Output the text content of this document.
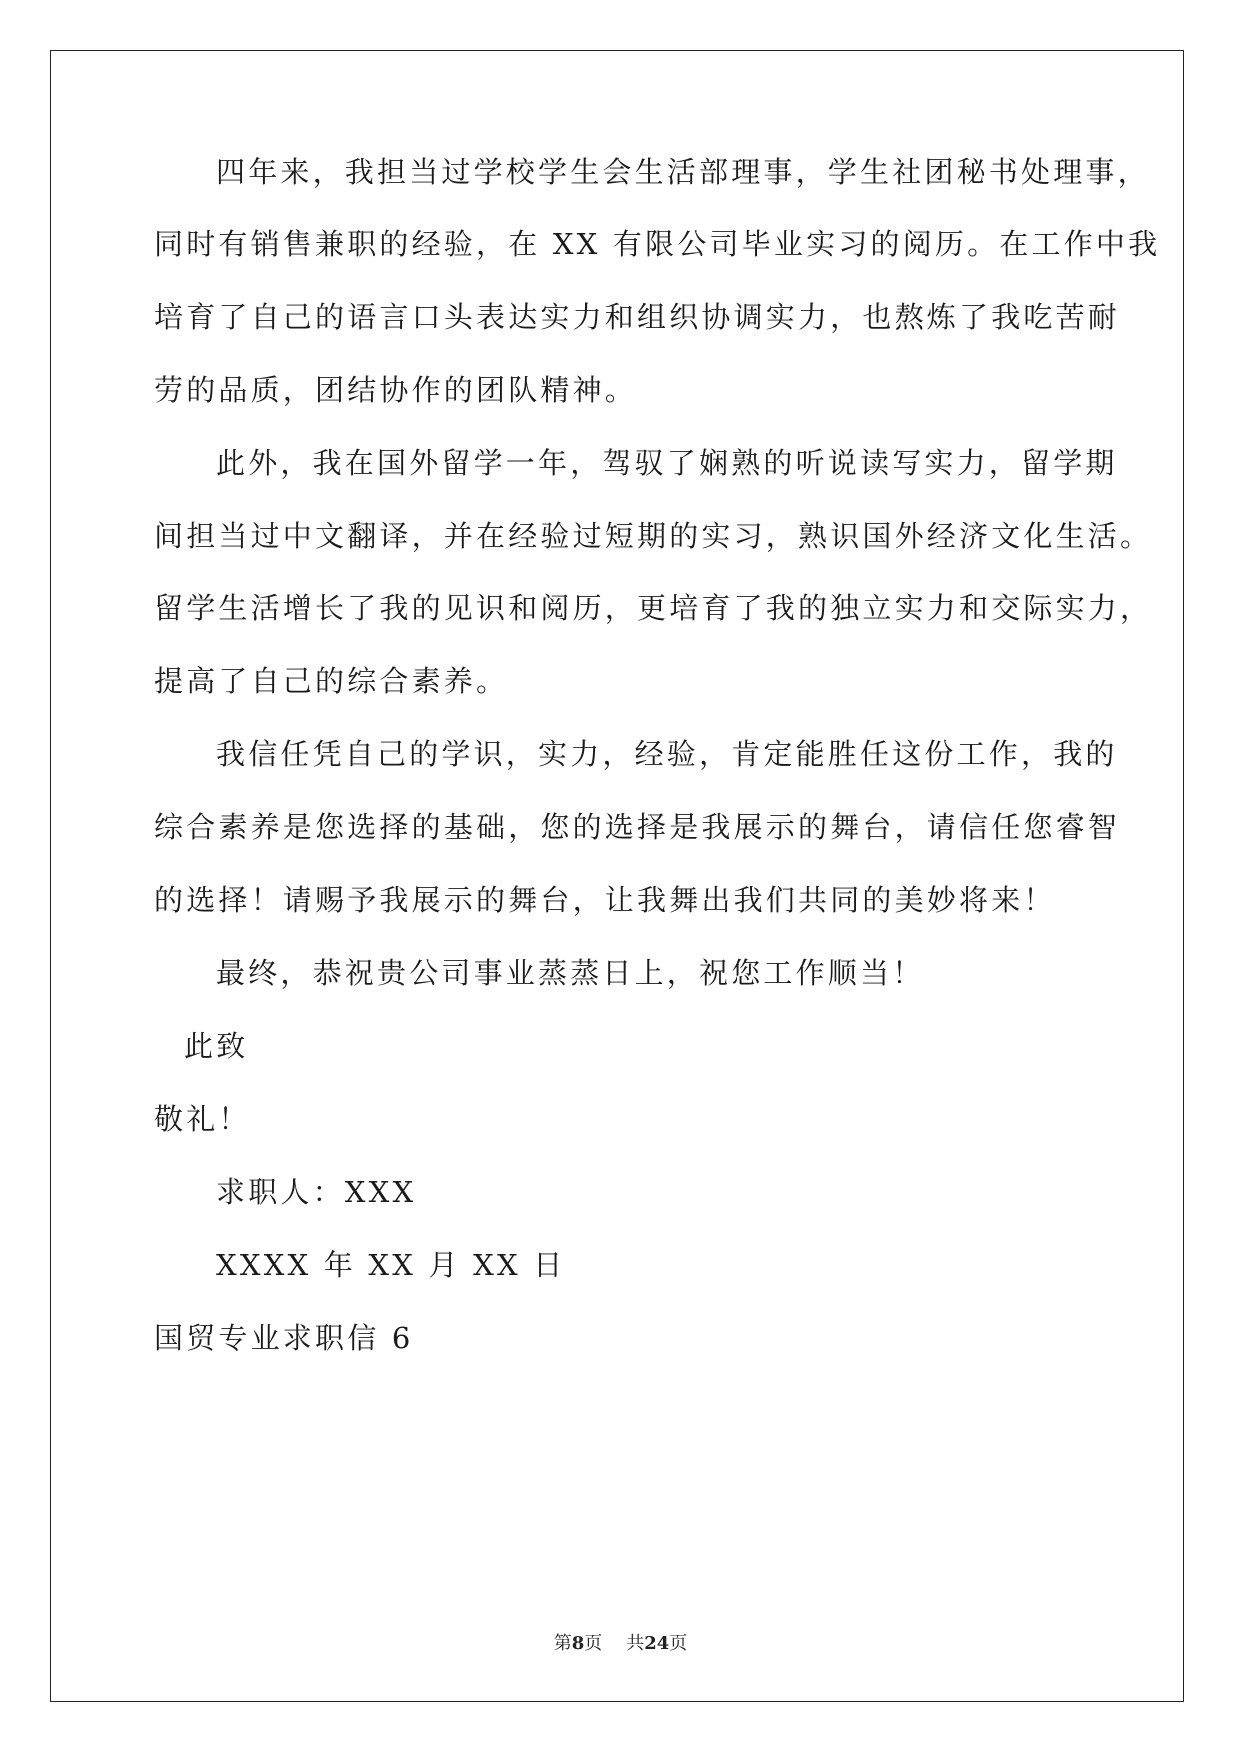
四年来，我担当过学校学生会生活部理事，学生社团秘书处理事，
同时有销售兼职的经验，在 XX 有限公司毕业实习的阅历。在工作中我
培育了自己的语言口头表达实力和组织协调实力，也熬炼了我吃苦耐
劳的品质，团结协作的团队精神。
此外，我在国外留学一年，驾驭了娴熟的听说读写实力，留学期
间担当过中文翻译，并在经验过短期的实习，熟识国外经济文化生活。
留学生活增长了我的见识和阅历，更培育了我的独立实力和交际实力，
提高了自己的综合素养。
我信任凭自己的学识，实力，经验，肯定能胜任这份工作，我的
综合素养是您选择的基础，您的选择是我展示的舞台，请信任您睿智
的选择！请赐予我展示的舞台，让我舞出我们共同的美妙将来！
最终，恭祝贵公司事业蒸蒸日上，祝您工作顺当！
此致
敬礼！
求职人：XXX
XXXX 年 XX 月 XX 日
国贸专业求职信 6
第8页 共24页
